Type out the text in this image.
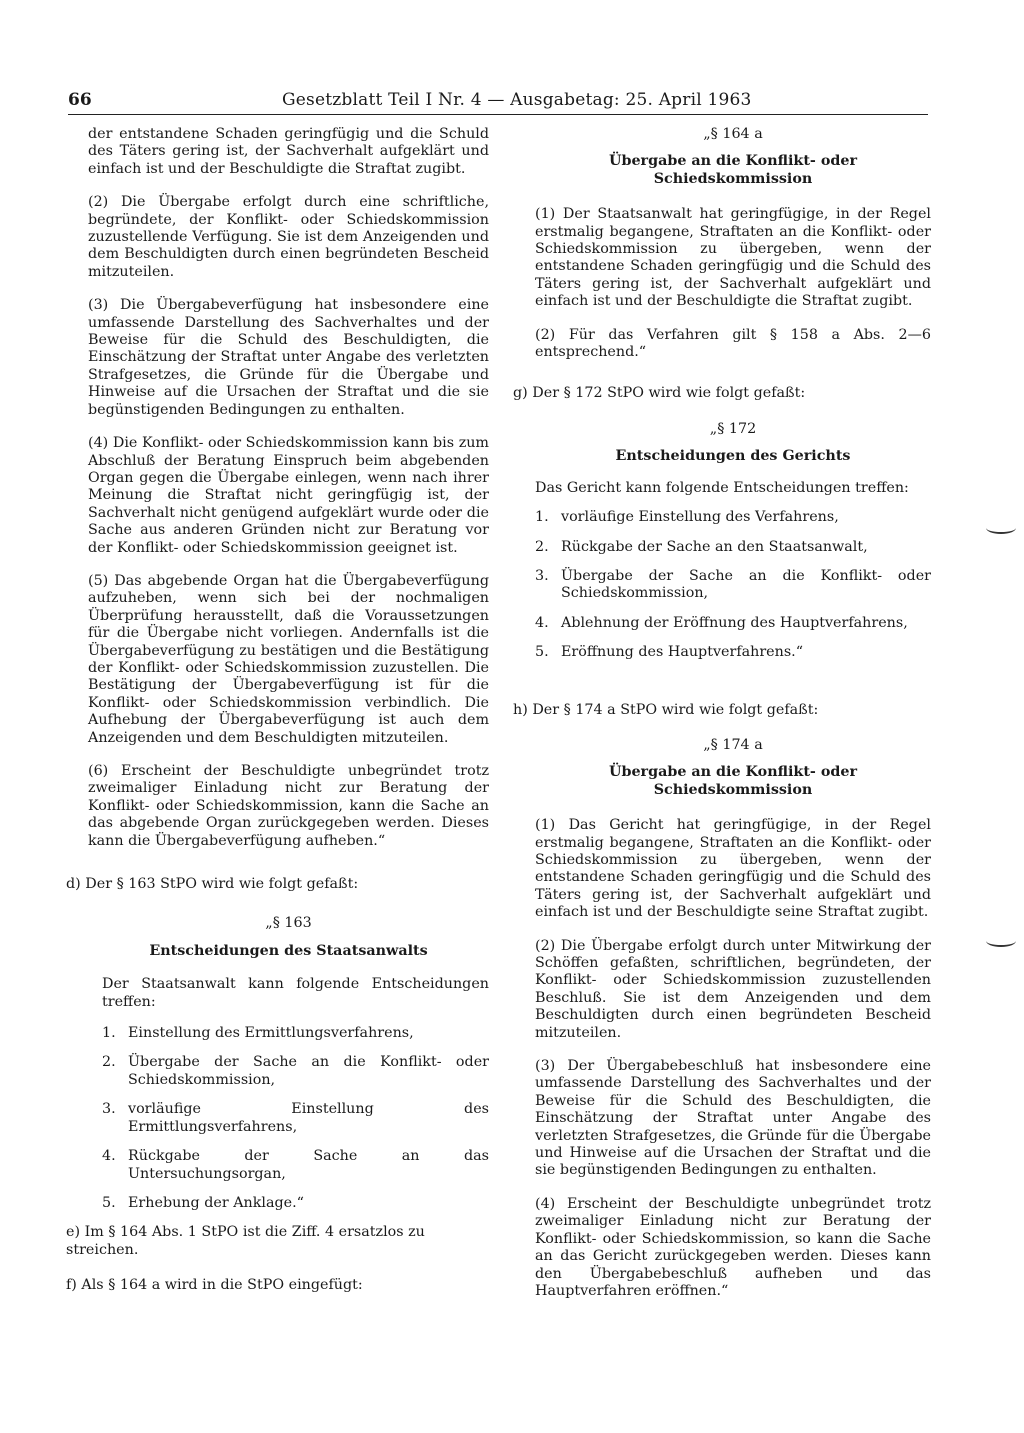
66	Gesetzblatt Teil I Nr. 4 — Ausgabetag: 25. April 1963

der entstandene Schaden geringfügig und die Schuld des Täters gering ist, der Sachverhalt aufgeklärt und einfach ist und der Beschuldigte die Straftat zugibt.

(2) Die Übergabe erfolgt durch eine schriftliche, begründete, der Konflikt- oder Schiedskommission zuzustellende Verfügung. Sie ist dem Anzeigenden und dem Beschuldigten durch einen begründeten Bescheid mitzuteilen.

(3) Die Übergabeverfügung hat insbesondere eine umfassende Darstellung des Sachverhaltes und der Beweise für die Schuld des Beschuldigten, die Einschätzung der Straftat unter Angabe des verletzten Strafgesetzes, die Gründe für die Übergabe und Hinweise auf die Ursachen der Straftat und die sie begünstigenden Bedingungen zu enthalten.

(4) Die Konflikt- oder Schiedskommission kann bis zum Abschluß der Beratung Einspruch beim abgebenden Organ gegen die Übergabe einlegen, wenn nach ihrer Meinung die Straftat nicht geringfügig ist, der Sachverhalt nicht genügend aufgeklärt wurde oder die Sache aus anderen Gründen nicht zur Beratung vor der Konflikt- oder Schiedskommission geeignet ist.

(5) Das abgebende Organ hat die Übergabeverfügung aufzuheben, wenn sich bei der nochmaligen Überprüfung herausstellt, daß die Voraussetzungen für die Übergabe nicht vorliegen. Andernfalls ist die Übergabeverfügung zu bestätigen und die Bestätigung der Konflikt- oder Schiedskommission zuzustellen. Die Bestätigung der Übergabeverfügung ist für die Konflikt- oder Schiedskommission verbindlich. Die Aufhebung der Übergabeverfügung ist auch dem Anzeigenden und dem Beschuldigten mitzuteilen.

(6) Erscheint der Beschuldigte unbegründet trotz zweimaliger Einladung nicht zur Beratung der Konflikt- oder Schiedskommission, kann die Sache an das abgebende Organ zurückgegeben werden. Dieses kann die Übergabeverfügung aufheben.“

d) Der § 163 StPO wird wie folgt gefaßt:
„§ 163
Entscheidungen des Staatsanwalts

Der Staatsanwalt kann folgende Entscheidungen treffen:

1. Einstellung des Ermittlungsverfahrens,
2. Übergabe der Sache an die Konflikt- oder Schiedskommission,
3. vorläufige Einstellung des Ermittlungsverfahrens,
4. Rückgabe der Sache an das Untersuchungsorgan,
5. Erhebung der Anklage.“
e) Im § 164 Abs. 1 StPO ist die Ziff. 4 ersatzlos zu streichen.
f) Als § 164 a wird in die StPO eingefügt:
„§ 164 a
Übergabe an die Konflikt- oder Schiedskommission

(1) Der Staatsanwalt hat geringfügige, in der Regel erstmalig begangene, Straftaten an die Konflikt- oder Schiedskommission zu übergeben, wenn der entstandene Schaden geringfügig und die Schuld des Täters gering ist, der Sachverhalt aufgeklärt und einfach ist und der Beschuldigte die Straftat zugibt.

(2) Für das Verfahren gilt § 158 a Abs. 2—6 entsprechend.“

g) Der § 172 StPO wird wie folgt gefaßt:
„§ 172
Entscheidungen des Gerichts

Das Gericht kann folgende Entscheidungen treffen:

1. vorläufige Einstellung des Verfahrens,
2. Rückgabe der Sache an den Staatsanwalt,
3. Übergabe der Sache an die Konflikt- oder Schiedskommission,
4. Ablehnung der Eröffnung des Hauptverfahrens,
5. Eröffnung des Hauptverfahrens.“
h) Der § 174 a StPO wird wie folgt gefaßt:
„§ 174 a
Übergabe an die Konflikt- oder Schiedskommission

(1) Das Gericht hat geringfügige, in der Regel erstmalig begangene, Straftaten an die Konflikt- oder Schiedskommission zu übergeben, wenn der entstandene Schaden geringfügig und die Schuld des Täters gering ist, der Sachverhalt aufgeklärt und einfach ist und der Beschuldigte seine Straftat zugibt.

(2) Die Übergabe erfolgt durch unter Mitwirkung der Schöffen gefaßten, schriftlichen, begründeten, der Konflikt- oder Schiedskommission zuzustellenden Beschluß. Sie ist dem Anzeigenden und dem Beschuldigten durch einen begründeten Bescheid mitzuteilen.

(3) Der Übergabebeschluß hat insbesondere eine umfassende Darstellung des Sachverhaltes und der Beweise für die Schuld des Beschuldigten, die Einschätzung der Straftat unter Angabe des verletzten Strafgesetzes, die Gründe für die Übergabe und Hinweise auf die Ursachen der Straftat und die sie begünstigenden Bedingungen zu enthalten.

(4) Erscheint der Beschuldigte unbegründet trotz zweimaliger Einladung nicht zur Beratung der Konflikt- oder Schiedskommission, so kann die Sache an das Gericht zurückgegeben werden. Dieses kann den Übergabebeschluß aufheben und das Hauptverfahren eröffnen.“
